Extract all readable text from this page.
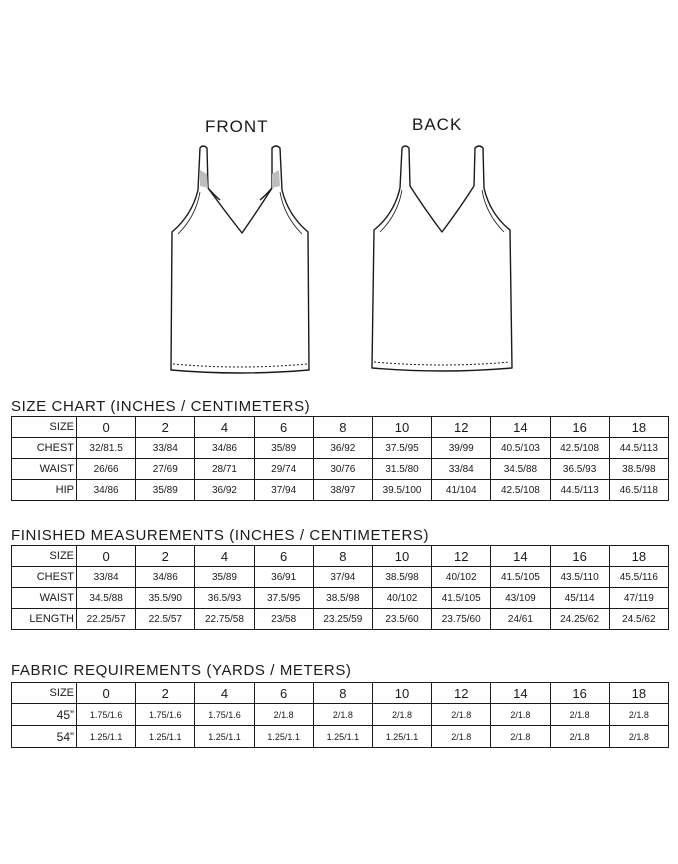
FRONT	BACK
SIZE CHART (INCHES / CENTIMETERS)
SIZE	0	2	4	6	8	10	12	14	16	18
CHEST	32/81.5	33/84	34/86	35/89	36/92	37.5/95	39/99	40.5/103	42.5/108	44.5/113
WAIST	26/66	27/69	28/71	29/74	30/76	31.5/80	33/84	34.5/88	36.5/93	38.5/98
HIP	34/86	35/89	36/92	37/94	38/97	39.5/100	41/104	42.5/108	44.5/113	46.5/118
FINISHED MEASUREMENTS (INCHES / CENTIMETERS)
SIZE	0	2	4	6	8	10	12	14	16	18
CHEST	33/84	34/86	35/89	36/91	37/94	38.5/98	40/102	41.5/105	43.5/110	45.5/116
WAIST	34.5/88	35.5/90	36.5/93	37.5/95	38.5/98	40/102	41.5/105	43/109	45/114	47/119
LENGTH	22.25/57	22.5/57	22.75/58	23/58	23.25/59	23.5/60	23.75/60	24/61	24.25/62	24.5/62
FABRIC REQUIREMENTS (YARDS / METERS)
SIZE	0	2	4	6	8	10	12	14	16	18
45”	1.75/1.6	1.75/1.6	1.75/1.6	2/1.8	2/1.8	2/1.8	2/1.8	2/1.8	2/1.8	2/1.8
54”	1.25/1.1	1.25/1.1	1.25/1.1	1.25/1.1	1.25/1.1	1.25/1.1	2/1.8	2/1.8	2/1.8	2/1.8
